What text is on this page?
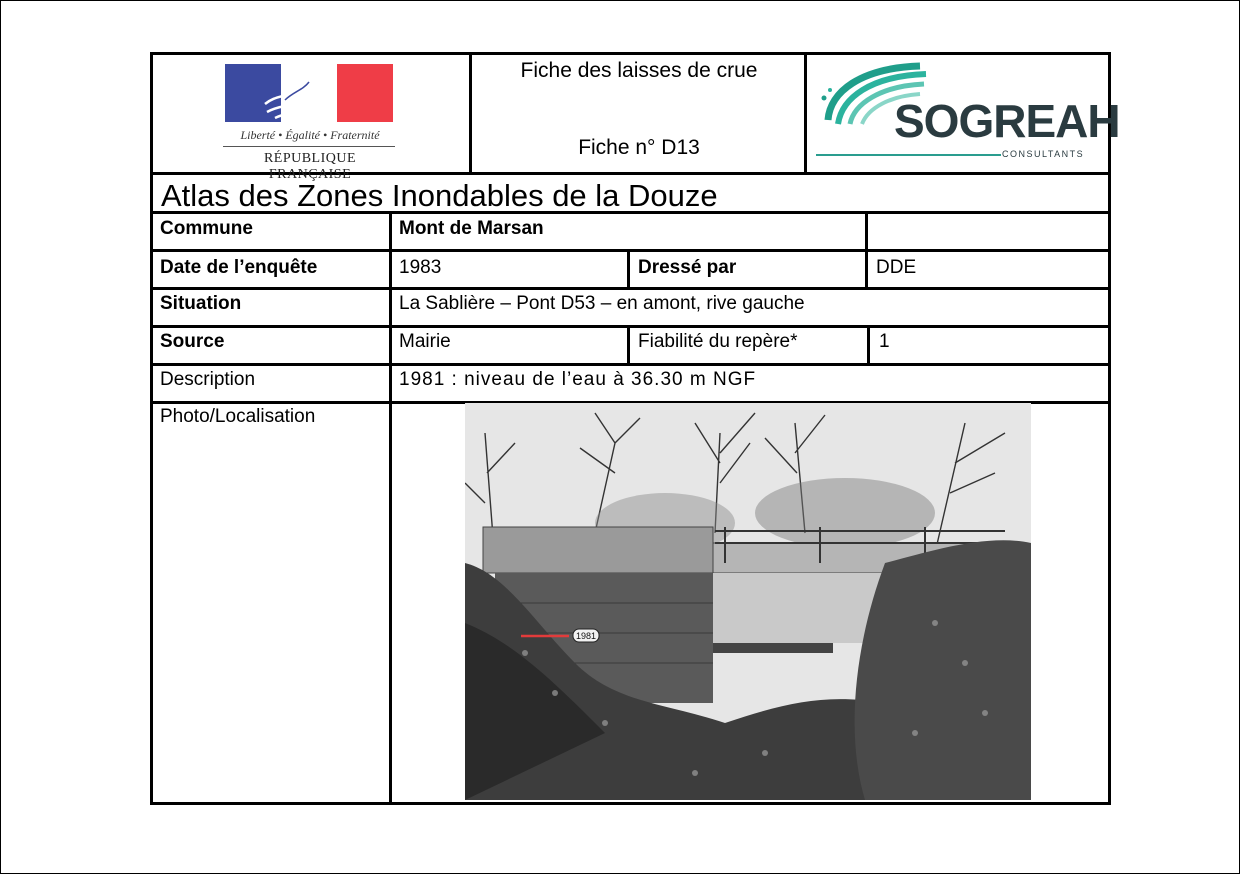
Liberté • Égalité • Fraternité
RÉPUBLIQUE FRANÇAISE
Fiche des laisses de crue
Fiche n° D13
SOGREAH
CONSULTANTS
Atlas des Zones Inondables de la Douze
Commune	Mont de Marsan
Date de l’enquête	1983	Dressé par	DDE
Situation	La Sablière – Pont D53 – en amont, rive gauche
Source	Mairie	Fiabilité du repère*	1
Description	1981 : niveau de l’eau à 36.30 m NGF
Photo/Localisation
1981
